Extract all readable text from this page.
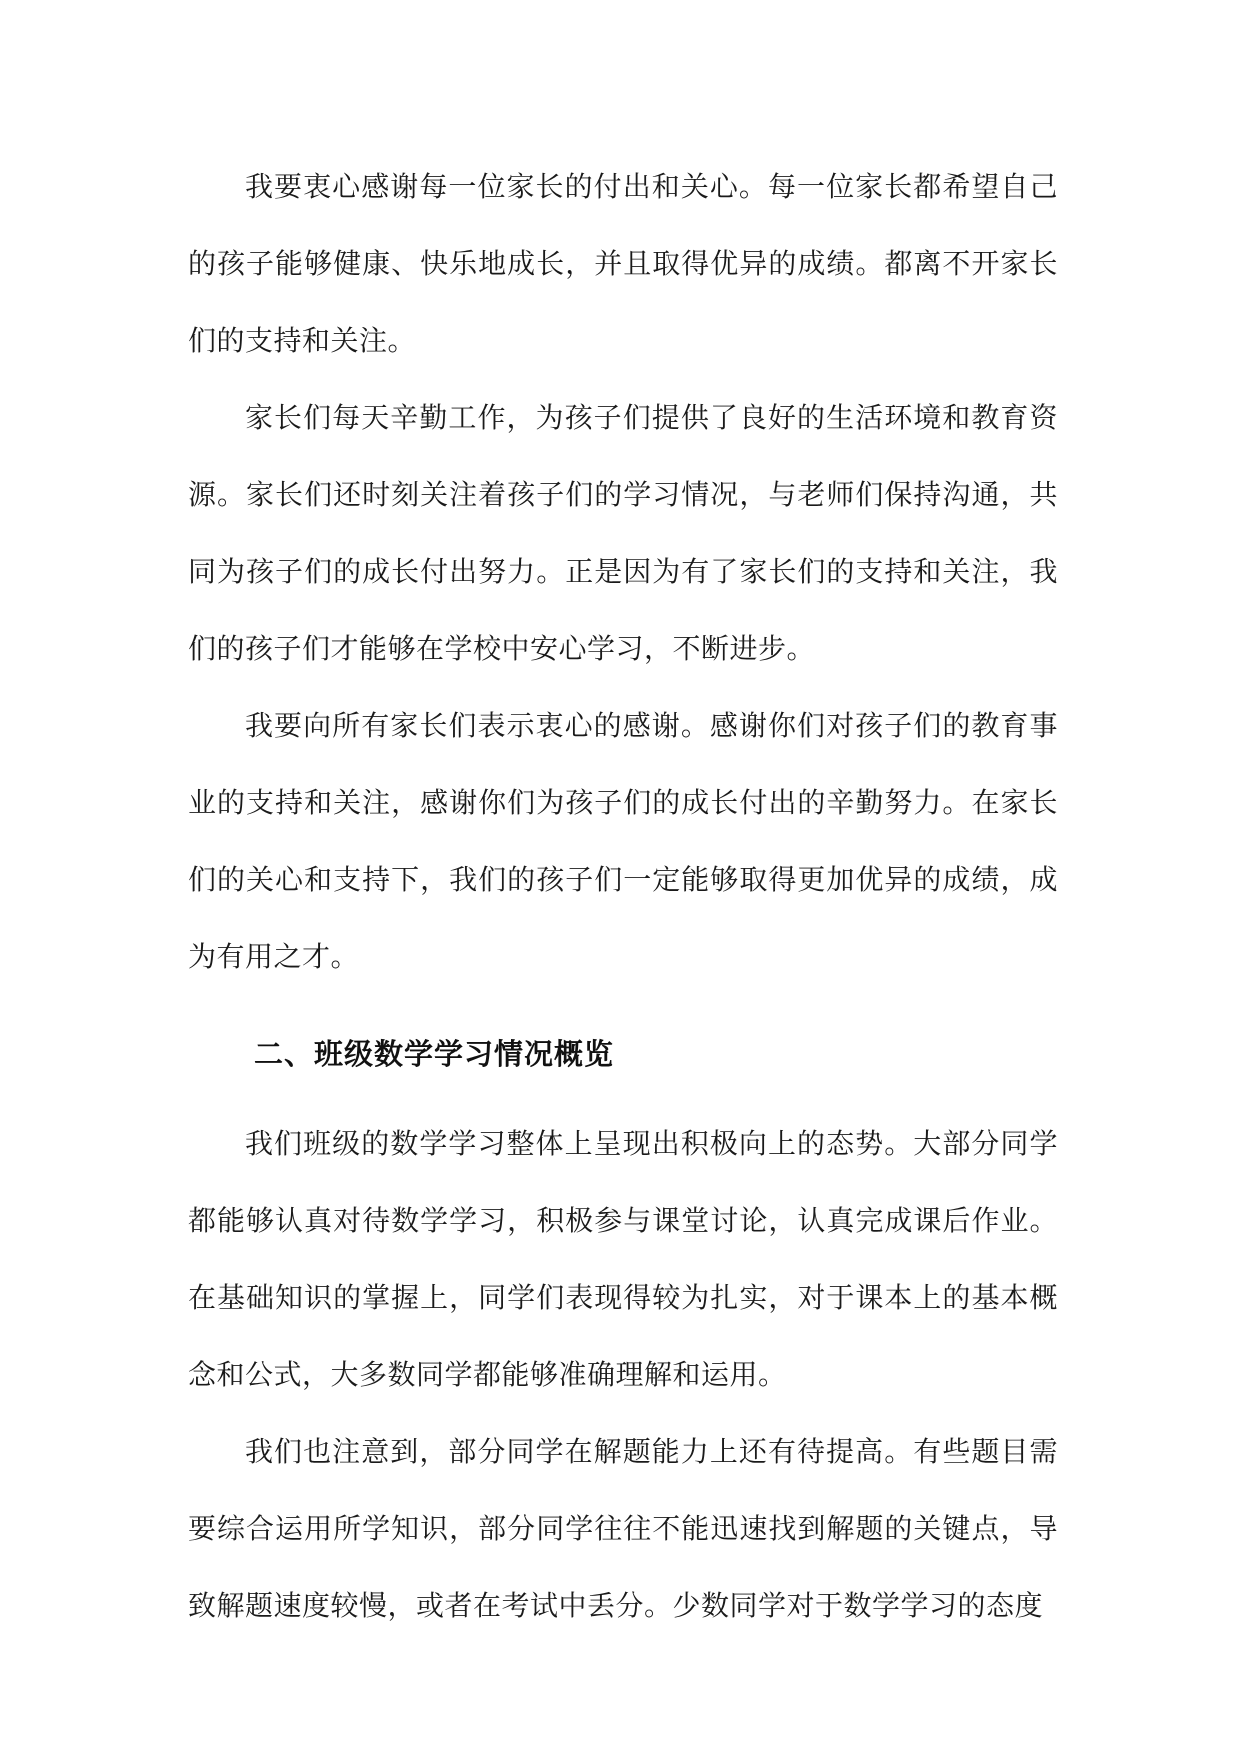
我要衷心感谢每一位家长的付出和关心。每一位家长都希望自己的孩子能够健康、快乐地成长，并且取得优异的成绩。都离不开家长们的支持和关注。

家长们每天辛勤工作，为孩子们提供了良好的生活环境和教育资源。家长们还时刻关注着孩子们的学习情况，与老师们保持沟通，共同为孩子们的成长付出努力。正是因为有了家长们的支持和关注，我们的孩子们才能够在学校中安心学习，不断进步。

我要向所有家长们表示衷心的感谢。感谢你们对孩子们的教育事业的支持和关注，感谢你们为孩子们的成长付出的辛勤努力。在家长们的关心和支持下，我们的孩子们一定能够取得更加优异的成绩，成为有用之才。

二、班级数学学习情况概览

我们班级的数学学习整体上呈现出积极向上的态势。大部分同学都能够认真对待数学学习，积极参与课堂讨论，认真完成课后作业。在基础知识的掌握上，同学们表现得较为扎实，对于课本上的基本概念和公式，大多数同学都能够准确理解和运用。

我们也注意到，部分同学在解题能力上还有待提高。有些题目需要综合运用所学知识，部分同学往往不能迅速找到解题的关键点，导致解题速度较慢，或者在考试中丢分。少数同学对于数学学习的态度
